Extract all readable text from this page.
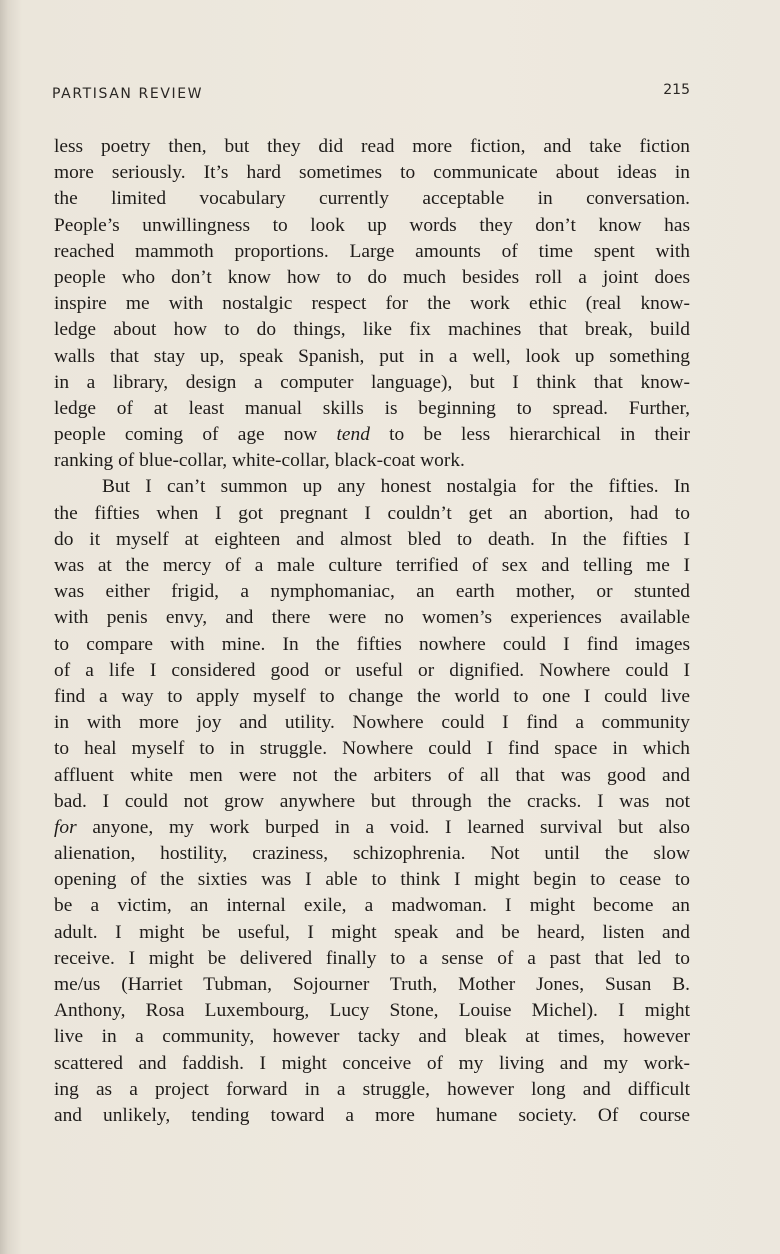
PARTISAN REVIEW	215
less poetry then, but they did read more fiction, and take fiction
more seriously. It’s hard sometimes to communicate about ideas in
the limited vocabulary currently acceptable in conversation.
People’s unwillingness to look up words they don’t know has
reached mammoth proportions. Large amounts of time spent with
people who don’t know how to do much besides roll a joint does
inspire me with nostalgic respect for the work ethic (real know-
ledge about how to do things, like fix machines that break, build
walls that stay up, speak Spanish, put in a well, look up something
in a library, design a computer language), but I think that know-
ledge of at least manual skills is beginning to spread. Further,
people coming of age now tend to be less hierarchical in their
ranking of blue-collar, white-collar, black-coat work.
But I can’t summon up any honest nostalgia for the fifties. In
the fifties when I got pregnant I couldn’t get an abortion, had to
do it myself at eighteen and almost bled to death. In the fifties I
was at the mercy of a male culture terrified of sex and telling me I
was either frigid, a nymphomaniac, an earth mother, or stunted
with penis envy, and there were no women’s experiences available
to compare with mine. In the fifties nowhere could I find images
of a life I considered good or useful or dignified. Nowhere could I
find a way to apply myself to change the world to one I could live
in with more joy and utility. Nowhere could I find a community
to heal myself to in struggle. Nowhere could I find space in which
affluent white men were not the arbiters of all that was good and
bad. I could not grow anywhere but through the cracks. I was not
for anyone, my work burped in a void. I learned survival but also
alienation, hostility, craziness, schizophrenia. Not until the slow
opening of the sixties was I able to think I might begin to cease to
be a victim, an internal exile, a madwoman. I might become an
adult. I might be useful, I might speak and be heard, listen and
receive. I might be delivered finally to a sense of a past that led to
me/us (Harriet Tubman, Sojourner Truth, Mother Jones, Susan B.
Anthony, Rosa Luxembourg, Lucy Stone, Louise Michel). I might
live in a community, however tacky and bleak at times, however
scattered and faddish. I might conceive of my living and my work-
ing as a project forward in a struggle, however long and difficult
and unlikely, tending toward a more humane society. Of course
